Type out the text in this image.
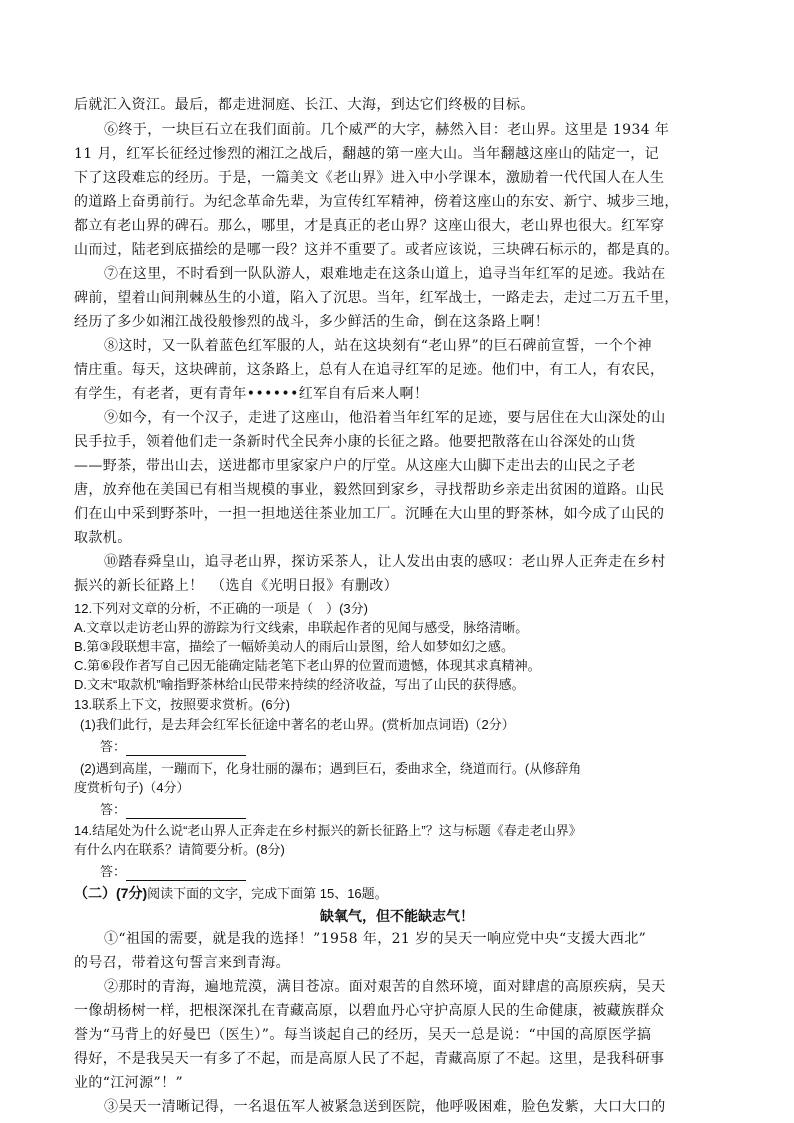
后就汇入资江。最后，都走进洞庭、长江、大海，到达它们终极的目标。
⑥终于，一块巨石立在我们面前。几个威严的大字，赫然入目：老山界。这里是 1934 年
11 月，红军长征经过惨烈的湘江之战后，翻越的第一座大山。当年翻越这座山的陆定一，记
下了这段难忘的经历。于是，一篇美文《老山界》进入中小学课本，激励着一代代国人在人生
的道路上奋勇前行。为纪念革命先辈，为宣传红军精神，傍着这座山的东安、新宁、城步三地，
都立有老山界的碑石。那么，哪里，才是真正的老山界？这座山很大，老山界也很大。红军穿
山而过，陆老到底描绘的是哪一段？这并不重要了。或者应该说，三块碑石标示的，都是真的。
⑦在这里，不时看到一队队游人，艰难地走在这条山道上，追寻当年红军的足迹。我站在
碑前，望着山间荆棘丛生的小道，陷入了沉思。当年，红军战士，一路走去，走过二万五千里，
经历了多少如湘江战役般惨烈的战斗，多少鲜活的生命，倒在这条路上啊！
⑧这时，又一队着蓝色红军服的人，站在这块刻有“老山界”的巨石碑前宣誓，一个个神
情庄重。每天，这块碑前，这条路上，总有人在追寻红军的足迹。他们中，有工人，有农民，
有学生，有老者，更有青年••••••红军自有后来人啊！
⑨如今，有一个汉子，走进了这座山，他沿着当年红军的足迹，要与居住在大山深处的山
民手拉手，领着他们走一条新时代全民奔小康的长征之路。他要把散落在山谷深处的山货
——野茶，带出山去，送进都市里家家户户的厅堂。从这座大山脚下走出去的山民之子老
唐，放弃他在美国已有相当规模的事业，毅然回到家乡，寻找帮助乡亲走出贫困的道路。山民
们在山中采到野茶叶，一担一担地送往茶业加工厂。沉睡在大山里的野茶林，如今成了山民的
取款机。
⑩踏春舜皇山，追寻老山界，探访采茶人，让人发出由衷的感叹：老山界人正奔走在乡村
振兴的新长征路上！　（选自《光明日报》有删改）
12.下列对文章的分析，不正确的一项是（　）(3分)
A.文章以走访老山界的游踪为行文线索，串联起作者的见闻与感受，脉络清晰。
B.第③段联想丰富，描绘了一幅娇美动人的雨后山景图，给人如梦如幻之感。
C.第⑥段作者写自己因无能确定陆老笔下老山界的位置而遗憾，体现其求真精神。
D.文末“取款机”喻指野茶林给山民带来持续的经济收益，写出了山民的获得感。
13.联系上下文，按照要求赏析。(6分)
(1)我们此行，是去拜会红军长征途中著名的老山界。(赏析加点词语)（2分）
答：
(2)遇到高崖，一蹦而下，化身壮丽的瀑布；遇到巨石，委曲求全，绕道而行。(从修辞角
度赏析句子)（4分）
答：
14.结尾处为什么说“老山界人正奔走在乡村振兴的新长征路上”？这与标题《春走老山界》
有什么内在联系？请简要分析。(8分)
答：
（二）(7分)阅读下面的文字，完成下面第 15、16题。
缺氧气，但不能缺志气！
①“祖国的需要，就是我的选择！”1958 年，21 岁的吴天一响应党中央“支援大西北”
的号召，带着这句誓言来到青海。
②那时的青海，遍地荒漠，满目苍凉。面对艰苦的自然环境，面对肆虐的高原疾病，吴天
一像胡杨树一样，把根深深扎在青藏高原，以碧血丹心守护高原人民的生命健康，被藏族群众
誉为“马背上的好曼巴（医生）”。每当谈起自己的经历，吴天一总是说：“中国的高原医学搞
得好，不是我吴天一有多了不起，而是高原人民了不起，青藏高原了不起。这里，是我科研事
业的“江河源”！”
③吴天一清晰记得，一名退伍军人被紧急送到医院，他呼吸困难，脸色发紫，大口大口的
